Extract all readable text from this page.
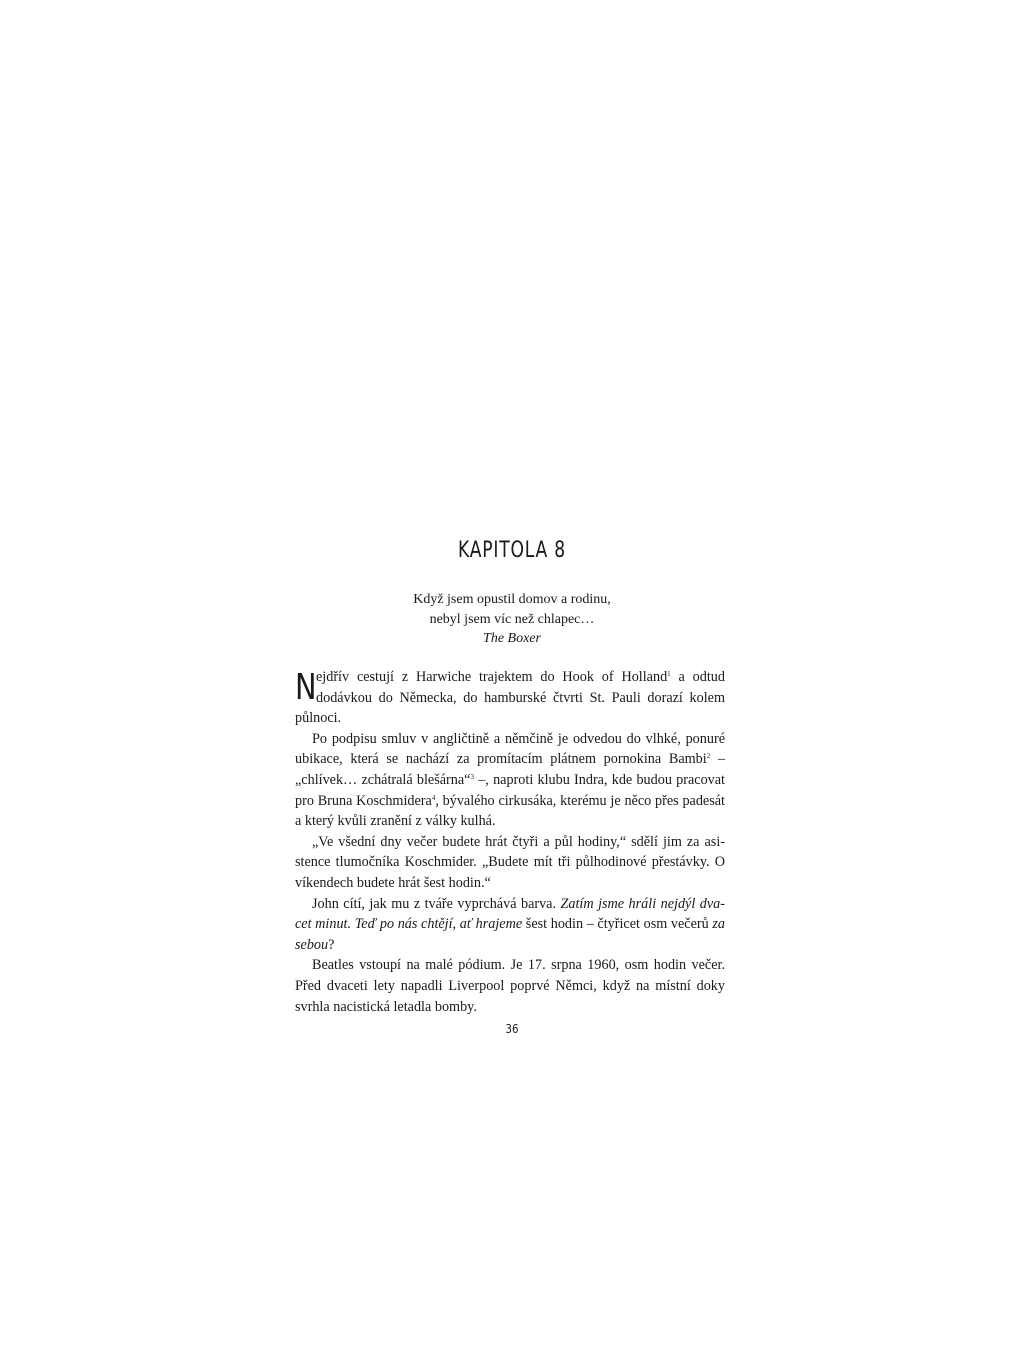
KAPITOLA 8
Když jsem opustil domov a rodinu,
nebyl jsem víc než chlapec…
The Boxer

Nejdřív cestují z Harwiche trajektem do Hook of Holland$^1$ a odtud dodávkou do Německa, do hamburské čtvrti St. Pauli dorazí kolem půlnoci.

Po podpisu smluv v angličtině a němčině je odvedou do vlhké, ponuré ubikace, která se nachází za promítacím plátnem pornokina Bambi$^2$ – „chlívek… zchátralá blešárna“$^3$ –, naproti klubu Indra, kde budou pracovat pro Bruna Koschmidera$^4$, bývalého cirkusáka, kterému je něco přes padesát a který kvůli zranění z války kulhá.

„Ve všední dny večer budete hrát čtyři a půl hodiny,“ sdělí jim za asistence tlumočníka Koschmider. „Budete mít tři půlhodinové přestávky. O víkendech budete hrát šest hodin.“

John cítí, jak mu z tváře vyprchává barva. Zatím jsme hráli nejdýl dvacet minut. Teď po nás chtějí, ať hrajeme šest hodin – čtyřicet osm večerů za sebou?

Beatles vstoupí na malé pódium. Je 17. srpna 1960, osm hodin večer. Před dvaceti lety napadli Liverpool poprvé Němci, když na místní doky svrhla nacistická letadla bomby.

36
